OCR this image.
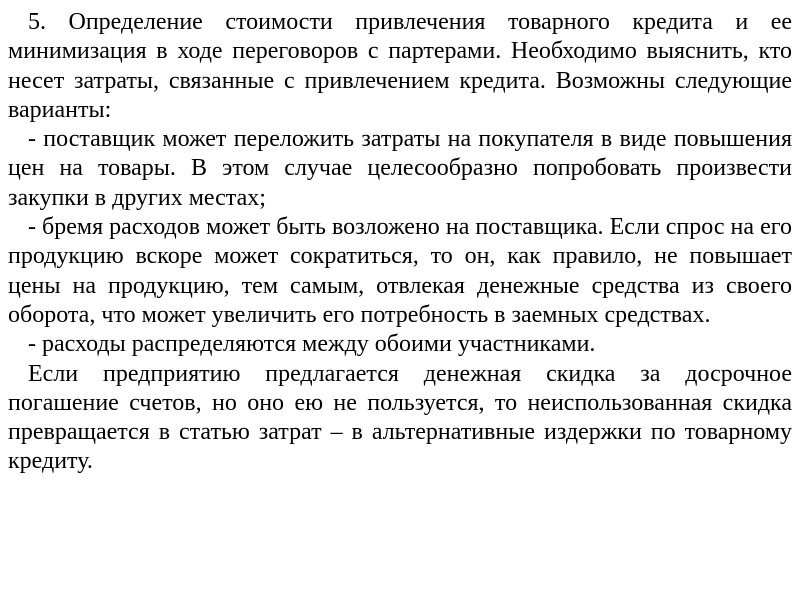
5. Определение стоимости привлечения товарного кредита и ее минимизация в ходе переговоров с партерами. Необходимо выяснить, кто несет затраты, связанные с привлечением кредита. Возможны следующие варианты:

- поставщик может переложить затраты на покупателя в виде повышения цен на товары. В этом случае целесообразно попробовать произвести закупки в других местах;

- бремя расходов может быть возложено на поставщика. Если спрос на его продукцию вскоре может сократиться, то он, как правило, не повышает цены на продукцию, тем самым, отвлекая денежные средства из своего оборота, что может увеличить его потребность в заемных средствах.

- расходы распределяются между обоими участниками.

Если предприятию предлагается денежная скидка за досрочное погашение счетов, но оно ею не пользуется, то неиспользованная скидка превращается в статью затрат – в альтернативные издержки по товарному кредиту.
